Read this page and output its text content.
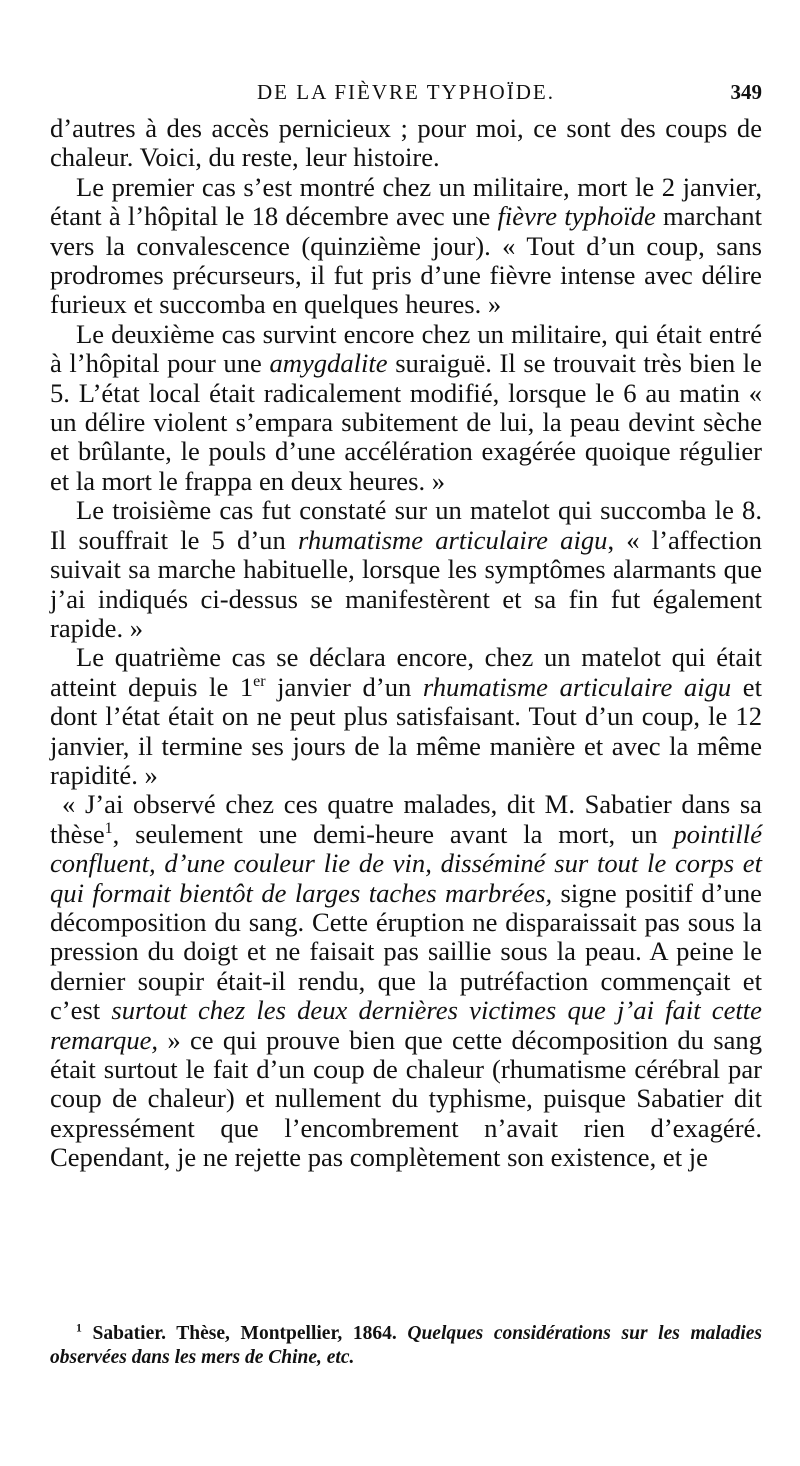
DE LA FIÈVRE TYPHOÏDE.	349

d’autres à des accès pernicieux ; pour moi, ce sont des coups de chaleur. Voici, du reste, leur histoire.

Le premier cas s’est montré chez un militaire, mort le 2 janvier, étant à l’hôpital le 18 décembre avec une fièvre typhoïde marchant vers la convalescence (quinzième jour). « Tout d’un coup, sans prodromes précurseurs, il fut pris d’une fièvre intense avec délire furieux et succomba en quelques heures. »

Le deuxième cas survint encore chez un militaire, qui était entré à l’hôpital pour une amygdalite suraiguë. Il se trouvait très bien le 5. L’état local était radicalement modifié, lorsque le 6 au matin « un délire violent s’empara subitement de lui, la peau devint sèche et brûlante, le pouls d’une accélération exagérée quoique régulier et la mort le frappa en deux heures. »

Le troisième cas fut constaté sur un matelot qui succomba le 8. Il souffrait le 5 d’un rhumatisme articulaire aigu, « l’affection suivait sa marche habituelle, lorsque les symptômes alarmants que j’ai indiqués ci-dessus se manifestèrent et sa fin fut également rapide. »

Le quatrième cas se déclara encore, chez un matelot qui était atteint depuis le 1er janvier d’un rhumatisme articulaire aigu et dont l’état était on ne peut plus satisfaisant. Tout d’un coup, le 12 janvier, il termine ses jours de la même manière et avec la même rapidité. »

« J’ai observé chez ces quatre malades, dit M. Sabatier dans sa thèse$^1$, seulement une demi-heure avant la mort, un pointillé confluent, d’une couleur lie de vin, disséminé sur tout le corps et qui formait bientôt de larges taches marbrées, signe positif d’une décomposition du sang. Cette éruption ne disparaissait pas sous la pression du doigt et ne faisait pas saillie sous la peau. A peine le dernier soupir était-il rendu, que la putréfaction commençait et c’est surtout chez les deux dernières victimes que j’ai fait cette remarque, » ce qui prouve bien que cette décomposition du sang était surtout le fait d’un coup de chaleur (rhumatisme cérébral par coup de chaleur) et nullement du typhisme, puisque Sabatier dit expressément que l’encombrement n’avait rien d’exagéré. Cependant, je ne rejette pas complètement son existence, et je

$^1$ Sabatier. Thèse, Montpellier, 1864. Quelques considérations sur les maladies observées dans les mers de Chine, etc.
